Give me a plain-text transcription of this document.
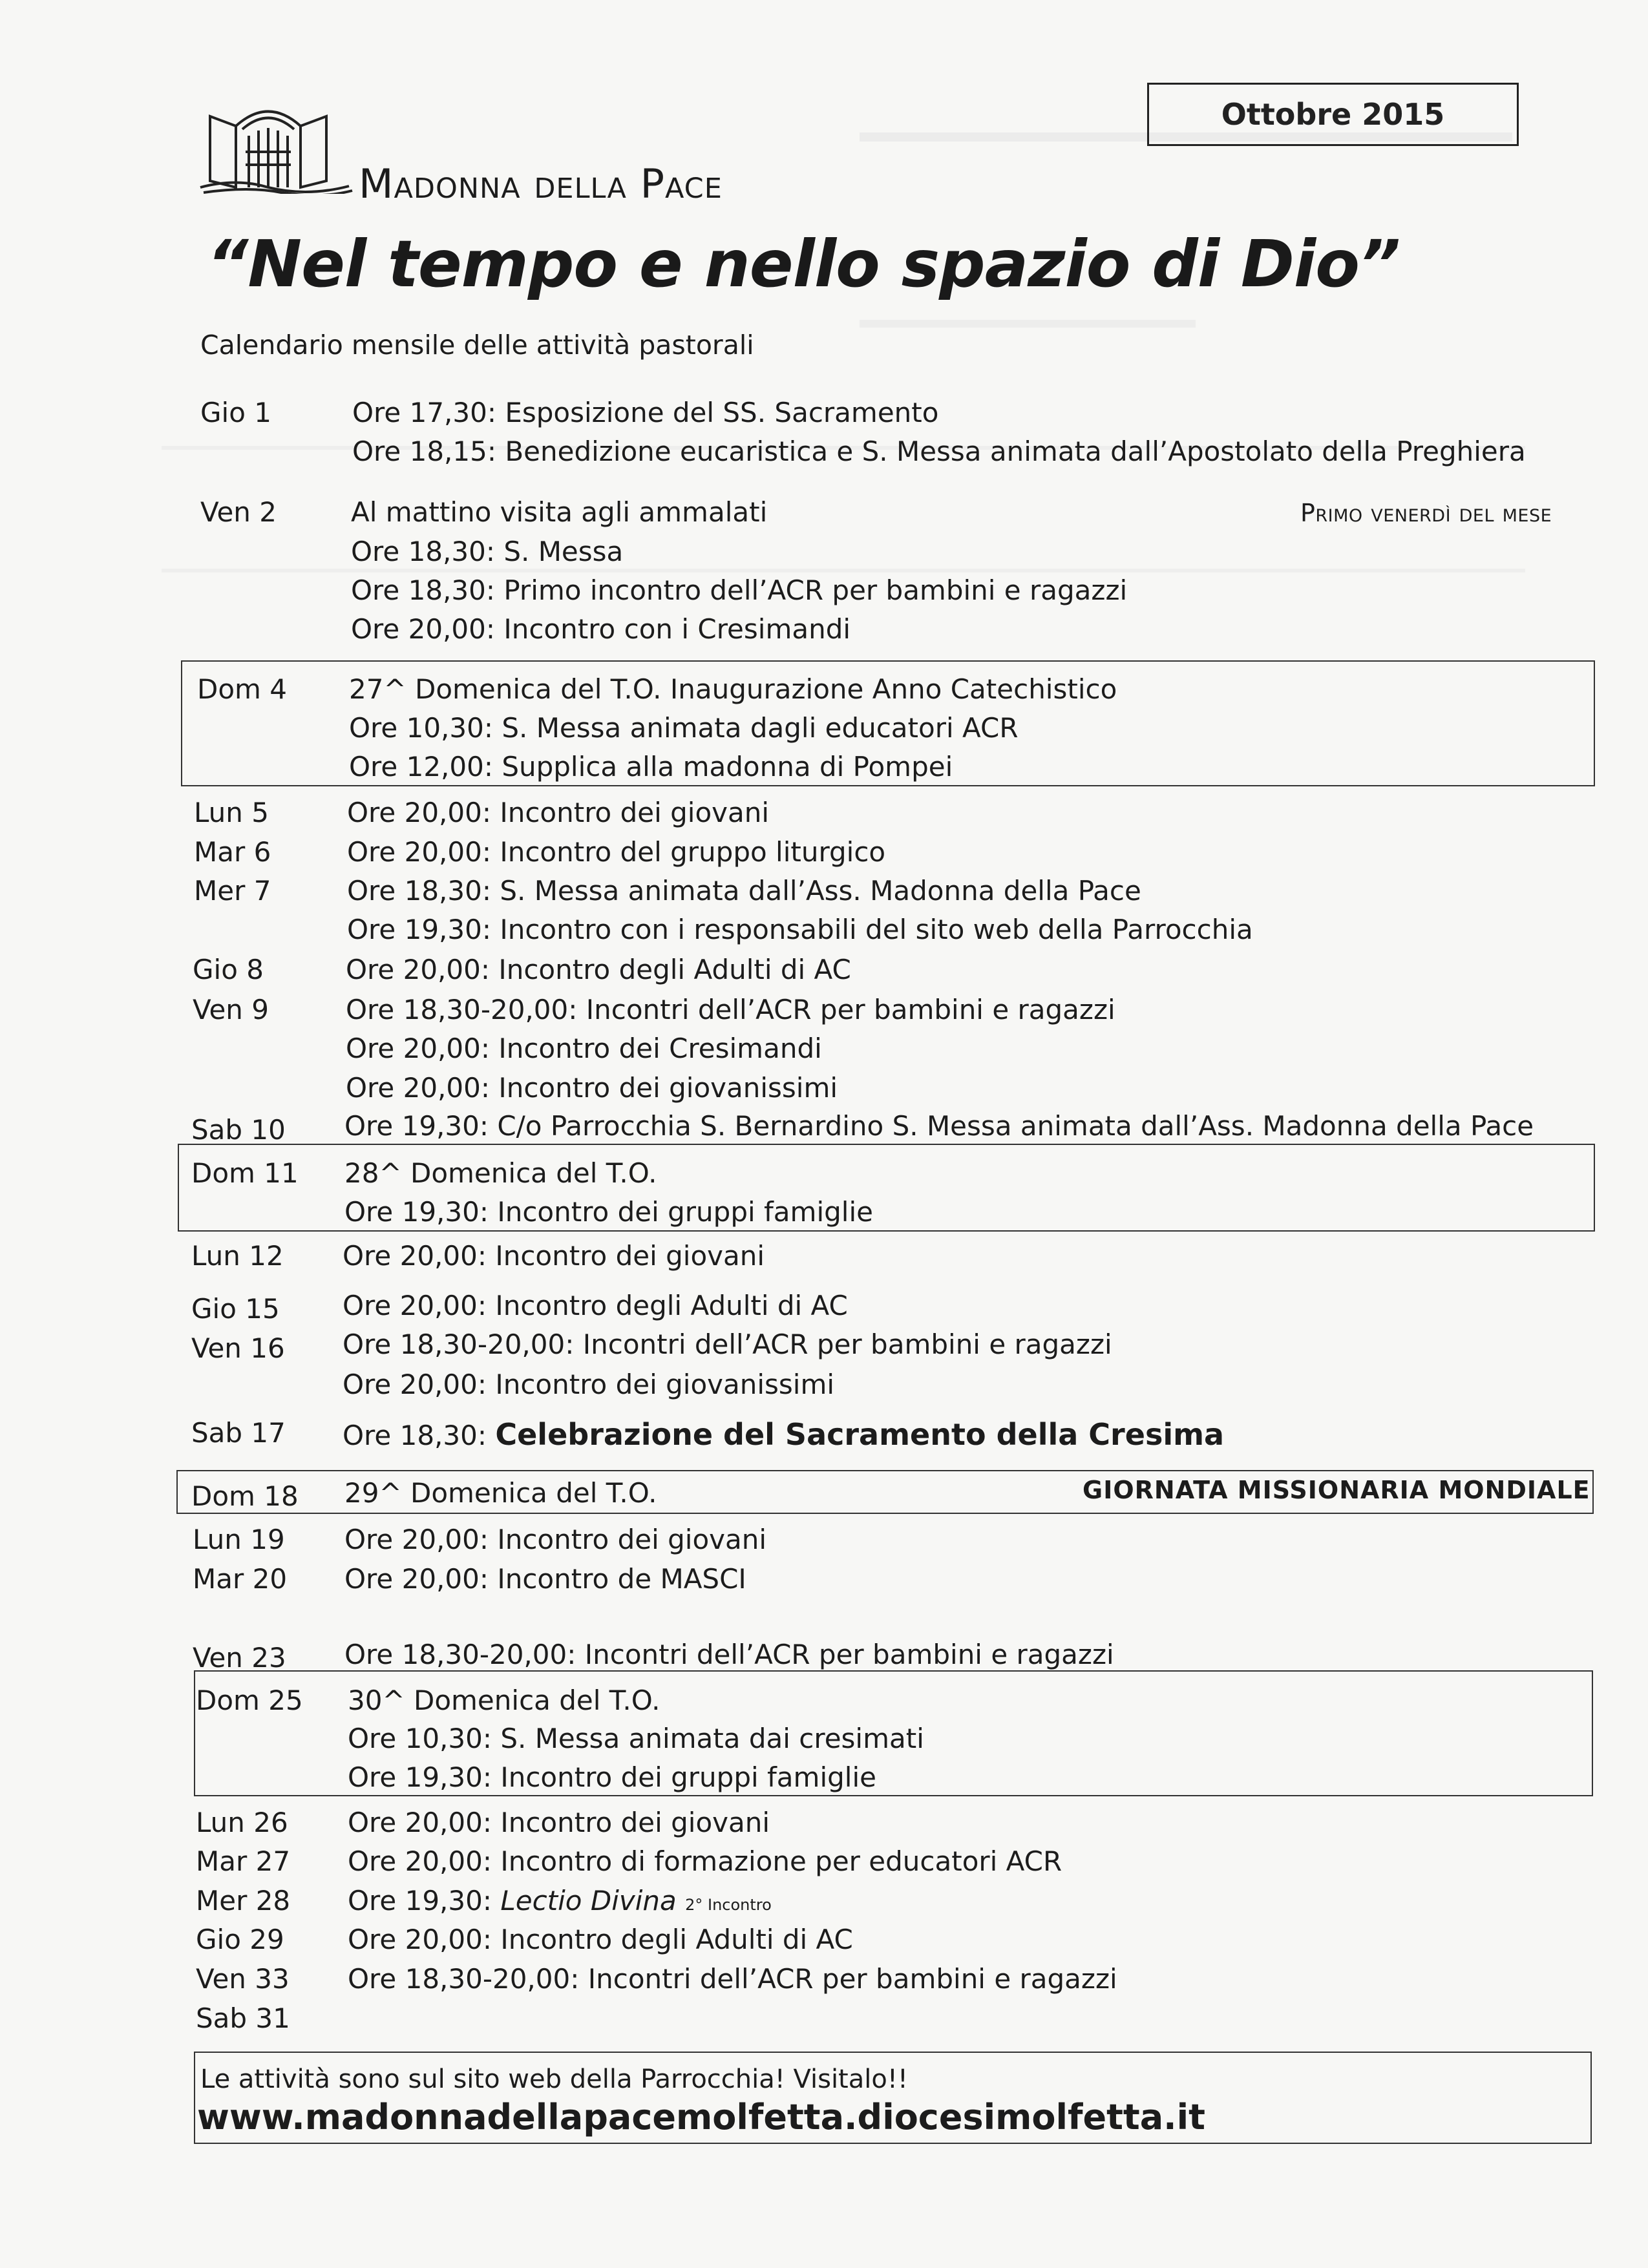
Ottobre 2015
Madonna della Pace
“Nel tempo e nello spazio di Dio”
Calendario mensile delle attività pastorali
Gio 1	Ore 17,30: Esposizione del SS. Sacramento
Ore 18,15: Benedizione eucaristica e S. Messa animata dall’Apostolato della Preghiera
Ven 2	Al mattino visita agli ammalati	Primo venerdì del mese
Ore 18,30: S. Messa
Ore 18,30: Primo incontro dell’ACR per bambini e ragazzi
Ore 20,00: Incontro con i Cresimandi
Dom 4 27^ Domenica del T.O. Inaugurazione Anno Catechistico
Ore 10,30: S. Messa animata dagli educatori ACR
Ore 12,00: Supplica alla madonna di Pompei
Lun 5	Ore 20,00: Incontro dei giovani
Mar 6	Ore 20,00: Incontro del gruppo liturgico
Mer 7	Ore 18,30: S. Messa animata dall’Ass. Madonna della Pace
Ore 19,30: Incontro con i responsabili del sito web della Parrocchia
Gio 8	Ore 20,00: Incontro degli Adulti di AC
Ven 9	Ore 18,30-20,00: Incontri dell’ACR per bambini e ragazzi
Ore 20,00: Incontro dei Cresimandi
Ore 20,00: Incontro dei giovanissimi
Sab 10 Ore 19,30: C/o Parrocchia S. Bernardino S. Messa animata dall’Ass. Madonna della Pace
Dom 11 28^ Domenica del T.O.
Ore 19,30: Incontro dei gruppi famiglie
Lun 12 Ore 20,00: Incontro dei giovani
Gio 15 Ore 20,00: Incontro degli Adulti di AC
Ven 16 Ore 18,30-20,00: Incontri dell’ACR per bambini e ragazzi
Ore 20,00: Incontro dei giovanissimi
Sab 17 Ore 18,30: Celebrazione del Sacramento della Cresima
Dom 18 29^ Domenica del T.O.	GIORNATA MISSIONARIA MONDIALE
Lun 19 Ore 20,00: Incontro dei giovani
Mar 20 Ore 20,00: Incontro de MASCI
Ven 23 Ore 18,30-20,00: Incontri dell’ACR per bambini e ragazzi
Dom 25 30^ Domenica del T.O.
Ore 10,30: S. Messa animata dai cresimati
Ore 19,30: Incontro dei gruppi famiglie
Lun 26 Ore 20,00: Incontro dei giovani
Mar 27 Ore 20,00: Incontro di formazione per educatori ACR
Mer 28 Ore 19,30: Lectio Divina 2° Incontro
Gio 29 Ore 20,00: Incontro degli Adulti di AC
Ven 33 Ore 18,30-20,00: Incontri dell’ACR per bambini e ragazzi
Sab 31
Le attività sono sul sito web della Parrocchia! Visitalo!!
www.madonnadellapacemolfetta.diocesimolfetta.it
